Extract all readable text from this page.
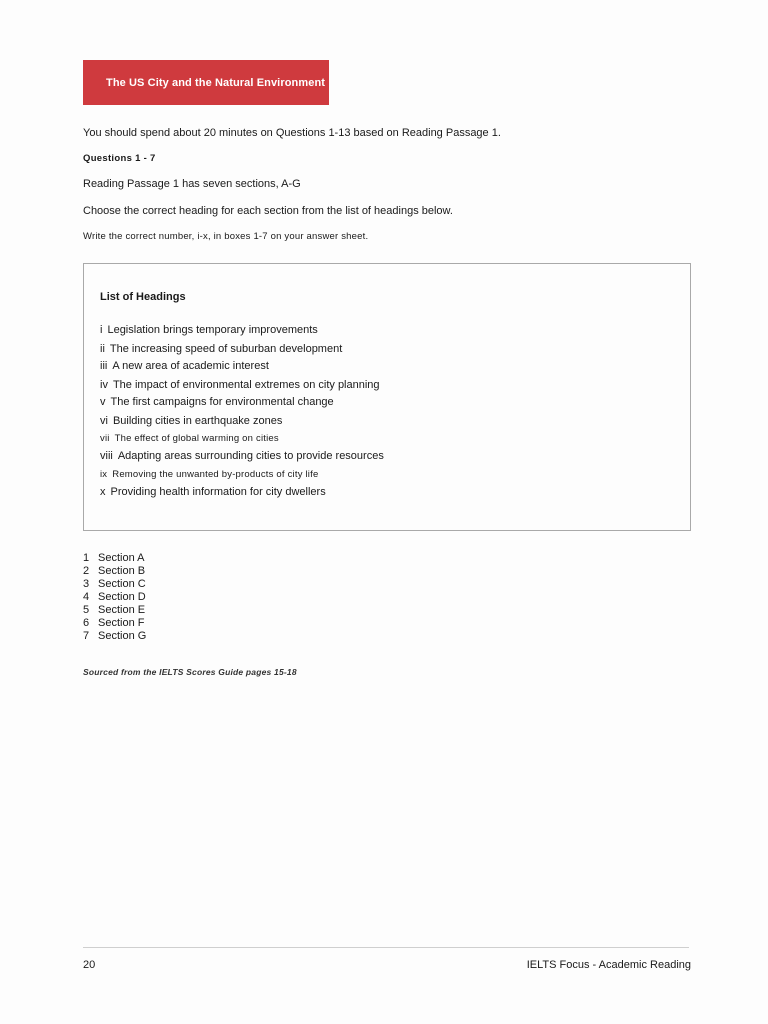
The US City and the Natural Environment
You should spend about 20 minutes on Questions 1-13 based on Reading Passage 1.
Questions 1 - 7
Reading Passage 1 has seven sections, A-G
Choose the correct heading for each section from the list of headings below.
Write the correct number, i-x, in boxes 1-7 on your answer sheet.
List of Headings
i Legislation brings temporary improvements
ii The increasing speed of suburban development
iii A new area of academic interest
iv The impact of environmental extremes on city planning
v The first campaigns for environmental change
vi Building cities in earthquake zones
vii The effect of global warming on cities
viii Adapting areas surrounding cities to provide resources
ix Removing the unwanted by-products of city life
x Providing health information for city dwellers
1 Section A
2 Section B
3 Section C
4 Section D
5 Section E
6 Section F
7 Section G
Sourced from the IELTS Scores Guide pages 15-18
20	IELTS Focus - Academic Reading
